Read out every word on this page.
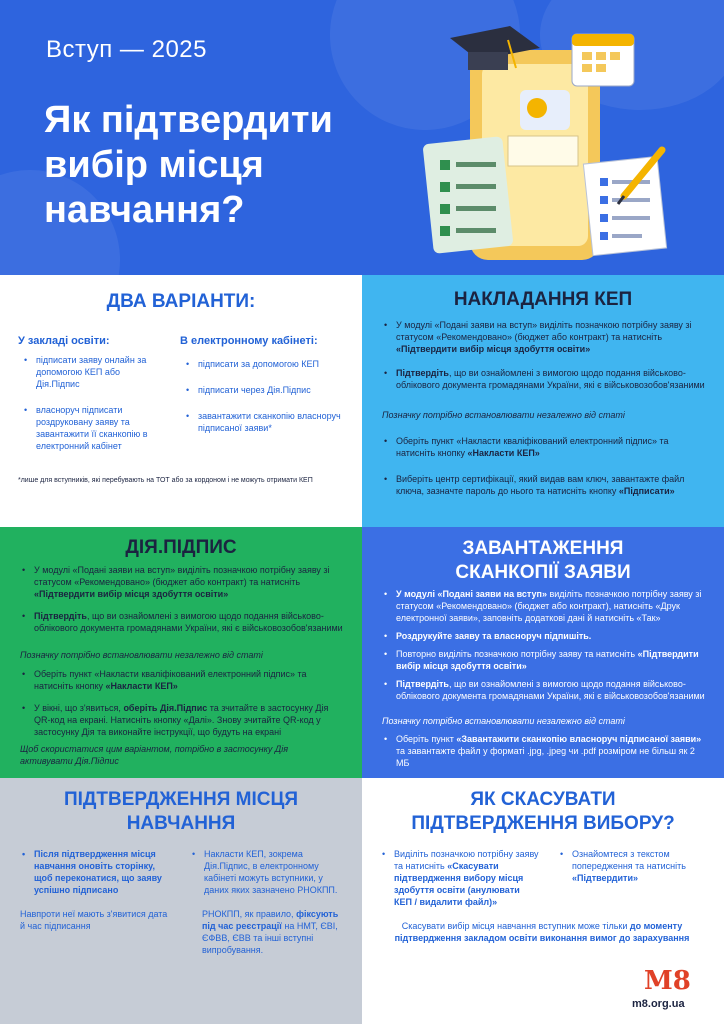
Вступ — 2025
Як підтвердити вибір місця навчання?
ДВА ВАРІАНТИ:
У закладі освіти:
• підписати заяву онлайн за допомогою КЕП або Дія.Підпис
• власноруч підписати роздруковану заяву та завантажити її сканкопію в електронний кабінет
В електронному кабінеті:
• підписати за допомогою КЕП
• підписати через Дія.Підпис
• завантажити сканкопію власноруч підписаної заяви*
*лише для вступників, які перебувають на ТОТ або за кордоном і не можуть отримати КЕП
НАКЛАДАННЯ КЕП
• У модулі «Подані заяви на вступ» виділіть позначкою потрібну заяву зі статусом «Рекомендовано» (бюджет або контракт) та натисніть «Підтвердити вибір місця здобуття освіти»
• Підтвердіть, що ви ознайомлені з вимогою щодо подання військово-облікового документа громадянами України, які є військовозобов'язаними
Позначку потрібно встановлювати незалежно від статі
• Оберіть пункт «Накласти кваліфікований електронний підпис» та натисніть кнопку «Накласти КЕП»
• Виберіть центр сертифікації, який видав вам ключ, завантажте файл ключа, зазначте пароль до нього та натисніть кнопку «Підписати»
ДІЯ.ПІДПИС
• У модулі «Подані заяви на вступ» виділіть позначкою потрібну заяву зі статусом «Рекомендовано» (бюджет або контракт) та натисніть «Підтвердити вибір місця здобуття освіти»
• Підтвердіть, що ви ознайомлені з вимогою щодо подання військово-облікового документа громадянами України, які є військовозобов'язаними
Позначку потрібно встановлювати незалежно від статі
• Оберіть пункт «Накласти кваліфікований електронний підпис» та натисніть кнопку «Накласти КЕП»
• У вікні, що з'явиться, оберіть Дія.Підпис та зчитайте в застосунку Дія QR-код на екрані. Натисніть кнопку «Далі». Знову зчитайте QR-код у застосунку Дія та виконайте інструкції, що будуть на екрані
Щоб скористатися цим варіантом, потрібно в застосунку Дія активувати Дія.Підпис
ЗАВАНТАЖЕННЯ СКАНКОПІЇ ЗАЯВИ
• У модулі «Подані заяви на вступ» виділіть позначкою потрібну заяву зі статусом «Рекомендовано» (бюджет або контракт), натисніть «Друк електронної заяви», заповніть додаткові дані й натисніть «Так»
• Роздрукуйте заяву та власноруч підпишіть.
• Повторно виділіть позначкою потрібну заяву та натисніть «Підтвердити вибір місця здобуття освіти»
• Підтвердіть, що ви ознайомлені з вимогою щодо подання військово-облікового документа громадянами України, які є військовозобов'язаними
Позначку потрібно встановлювати незалежно від статі
• Оберіть пункт «Завантажити сканкопію власноруч підписаної заяви» та завантажте файл у форматі .jpg, .jpeg чи .pdf розміром не більш як 2 МБ
ПІДТВЕРДЖЕННЯ МІСЦЯ НАВЧАННЯ
• Після підтвердження місця навчання оновіть сторінку, щоб переконатися, що заяву успішно підписано
Навпроти неї мають з'явитися дата й час підписання
• Накласти КЕП, зокрема Дія.Підпис, в електронному кабінеті можуть вступники, у даних яких зазначено РНОКПП.
РНОКПП, як правило, фіксують під час реєстрації на НМТ, ЄВІ, ЄФВВ, ЄВВ та інші вступні випробування.
ЯК СКАСУВАТИ ПІДТВЕРДЖЕННЯ ВИБОРУ?
• Виділіть позначкою потрібну заяву та натисніть «Скасувати підтвердження вибору місця здобуття освіти (анулювати КЕП / видалити файл)»
• Ознайомтеся з текстом попередження та натисніть «Підтвердити»
Скасувати вибір місця навчання вступник може тільки до моменту підтвердження закладом освіти виконання вимог до зарахування
M8
m8.org.ua
